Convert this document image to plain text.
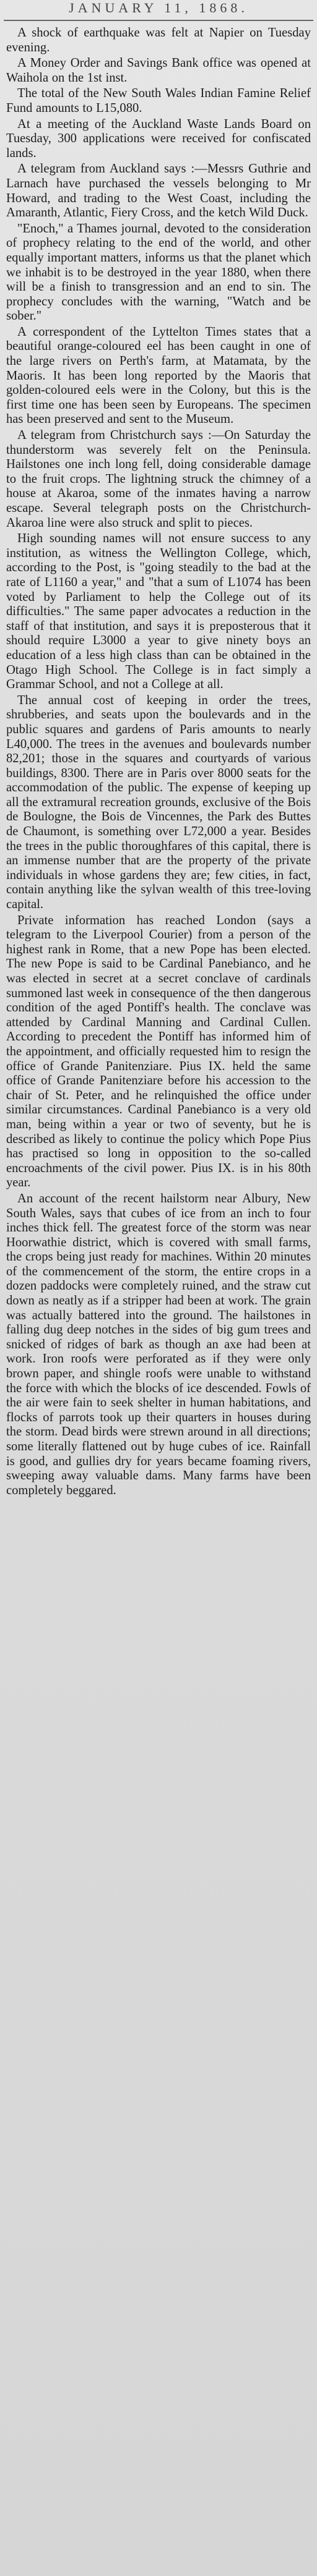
JANUARY 11, 1868.

A shock of earthquake was felt at Napier on Tuesday evening.

A Money Order and Savings Bank office was opened at Waihola on the 1st inst.

The total of the New South Wales Indian Famine Relief Fund amounts to L15,080.

At a meeting of the Auckland Waste Lands Board on Tuesday, 300 applications were received for confiscated lands.

A telegram from Auckland says :—Messrs Guthrie and Larnach have purchased the vessels belonging to Mr Howard, and trading to the West Coast, including the Amaranth, Atlantic, Fiery Cross, and the ketch Wild Duck.

"Enoch," a Thames journal, devoted to the consideration of prophecy relating to the end of the world, and other equally important matters, informs us that the planet which we inhabit is to be destroyed in the year 1880, when there will be a finish to transgression and an end to sin. The prophecy concludes with the warning, "Watch and be sober."

A correspondent of the Lyttelton Times states that a beautiful orange-coloured eel has been caught in one of the large rivers on Perth's farm, at Matamata, by the Maoris. It has been long reported by the Maoris that golden-coloured eels were in the Colony, but this is the first time one has been seen by Europeans. The specimen has been preserved and sent to the Museum.

A telegram from Christchurch says :—On Saturday the thunderstorm was severely felt on the Peninsula. Hailstones one inch long fell, doing considerable damage to the fruit crops. The lightning struck the chimney of a house at Akaroa, some of the inmates having a narrow escape. Several telegraph posts on the Christchurch-Akaroa line were also struck and split to pieces.

High sounding names will not ensure success to any institution, as witness the Wellington College, which, according to the Post, is "going steadily to the bad at the rate of L1160 a year," and "that a sum of L1074 has been voted by Parliament to help the College out of its difficulties." The same paper advocates a reduction in the staff of that institution, and says it is preposterous that it should require L3000 a year to give ninety boys an education of a less high class than can be obtained in the Otago High School. The College is in fact simply a Grammar School, and not a College at all.

The annual cost of keeping in order the trees, shrubberies, and seats upon the boulevards and in the public squares and gardens of Paris amounts to nearly L40,000. The trees in the avenues and boulevards number 82,201; those in the squares and courtyards of various buildings, 8300. There are in Paris over 8000 seats for the accommodation of the public. The expense of keeping up all the extramural recreation grounds, exclusive of the Bois de Boulogne, the Bois de Vincennes, the Park des Buttes de Chaumont, is something over L72,000 a year. Besides the trees in the public thoroughfares of this capital, there is an immense number that are the property of the private individuals in whose gardens they are; few cities, in fact, contain anything like the sylvan wealth of this tree-loving capital.

Private information has reached London (says a telegram to the Liverpool Courier) from a person of the highest rank in Rome, that a new Pope has been elected. The new Pope is said to be Cardinal Panebianco, and he was elected in secret at a secret conclave of cardinals summoned last week in consequence of the then dangerous condition of the aged Pontiff's health. The conclave was attended by Cardinal Manning and Cardinal Cullen. According to precedent the Pontiff has informed him of the appointment, and officially requested him to resign the office of Grande Panitenziare. Pius IX. held the same office of Grande Panitenziare before his accession to the chair of St. Peter, and he relinquished the office under similar circumstances. Cardinal Panebianco is a very old man, being within a year or two of seventy, but he is described as likely to continue the policy which Pope Pius has practised so long in opposition to the so-called encroachments of the civil power. Pius IX. is in his 80th year.

An account of the recent hailstorm near Albury, New South Wales, says that cubes of ice from an inch to four inches thick fell. The greatest force of the storm was near Hoorwathie district, which is covered with small farms, the crops being just ready for machines. Within 20 minutes of the commencement of the storm, the entire crops in a dozen paddocks were completely ruined, and the straw cut down as neatly as if a stripper had been at work. The grain was actually battered into the ground. The hailstones in falling dug deep notches in the sides of big gum trees and snicked of ridges of bark as though an axe had been at work. Iron roofs were perforated as if they were only brown paper, and shingle roofs were unable to withstand the force with which the blocks of ice descended. Fowls of the air were fain to seek shelter in human habitations, and flocks of parrots took up their quarters in houses during the storm. Dead birds were strewn around in all directions; some literally flattened out by huge cubes of ice. Rainfall is good, and gullies dry for years became foaming rivers, sweeping away valuable dams. Many farms have been completely beggared.
